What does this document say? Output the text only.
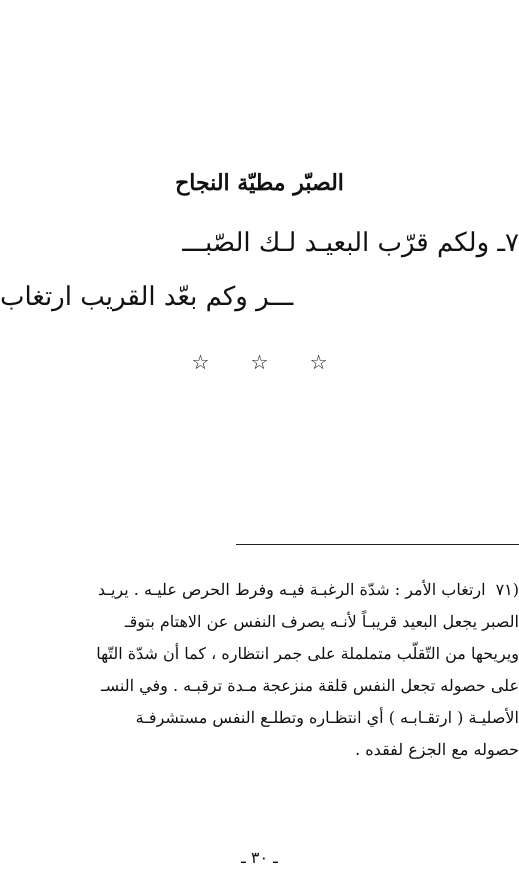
الصبّر مطيّة النجاح
٧ـ ولكم قرّب البعيـد لـك الصّبـــ
ـــر وكم بعّد القريب ارتغاب
☆ ☆ ☆
(٧١ارتغاب الأمر : شدّة الرغبـة فيـه وفرط الحرص عليـه . يريـد
الصبر يجعل البعيد قريبـاً لأنـه يصرف النفس عن الاهتام بتوقـ
ويريحها من التّقلّب متململة على جمر انتظاره ، كما أن شدّة التّها
على حصوله تجعل النفس قلقة منزعجة مـدة ترقبـه . وفي النسـ
الأصليـة ( ارتقـابـه ) أي انتظـاره وتطلـع النفس مستشرفـة
حصوله مع الجزع لفقده .
ـ ٣٠ ـ
